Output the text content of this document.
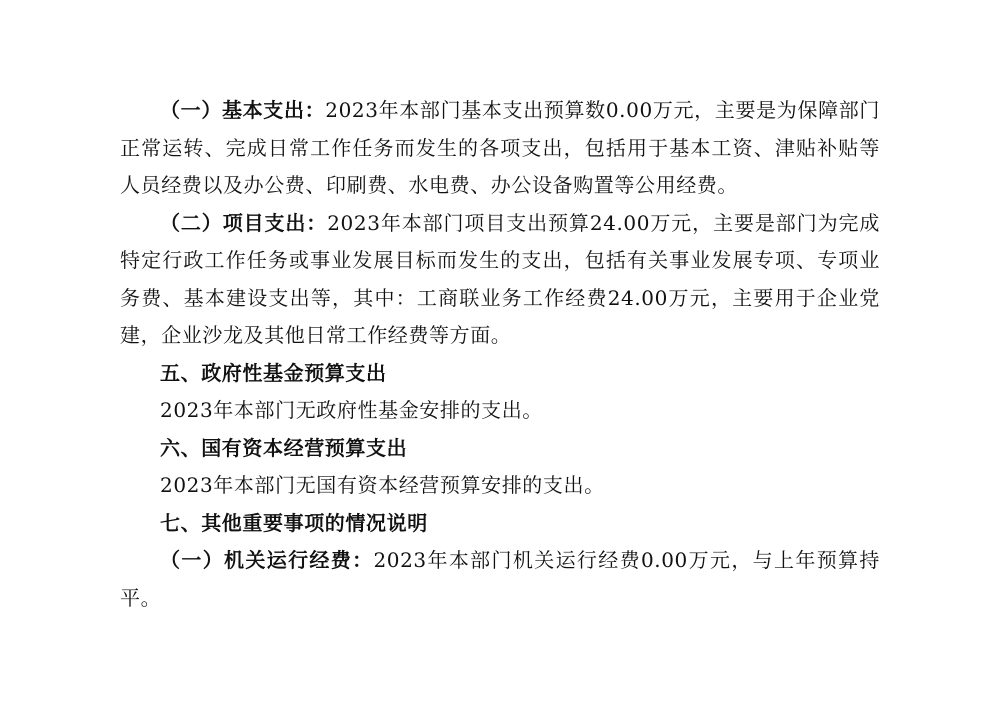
（一）基本支出：2023年本部门基本支出预算数0.00万元，主要是为保障部门正常运转、完成日常工作任务而发生的各项支出，包括用于基本工资、津贴补贴等人员经费以及办公费、印刷费、水电费、办公设备购置等公用经费。

（二）项目支出：2023年本部门项目支出预算24.00万元，主要是部门为完成特定行政工作任务或事业发展目标而发生的支出，包括有关事业发展专项、专项业务费、基本建设支出等，其中：工商联业务工作经费24.00万元，主要用于企业党建，企业沙龙及其他日常工作经费等方面。

五、政府性基金预算支出

2023年本部门无政府性基金安排的支出。

六、国有资本经营预算支出

2023年本部门无国有资本经营预算安排的支出。

七、其他重要事项的情况说明

（一）机关运行经费：2023年本部门机关运行经费0.00万元，与上年预算持平。
